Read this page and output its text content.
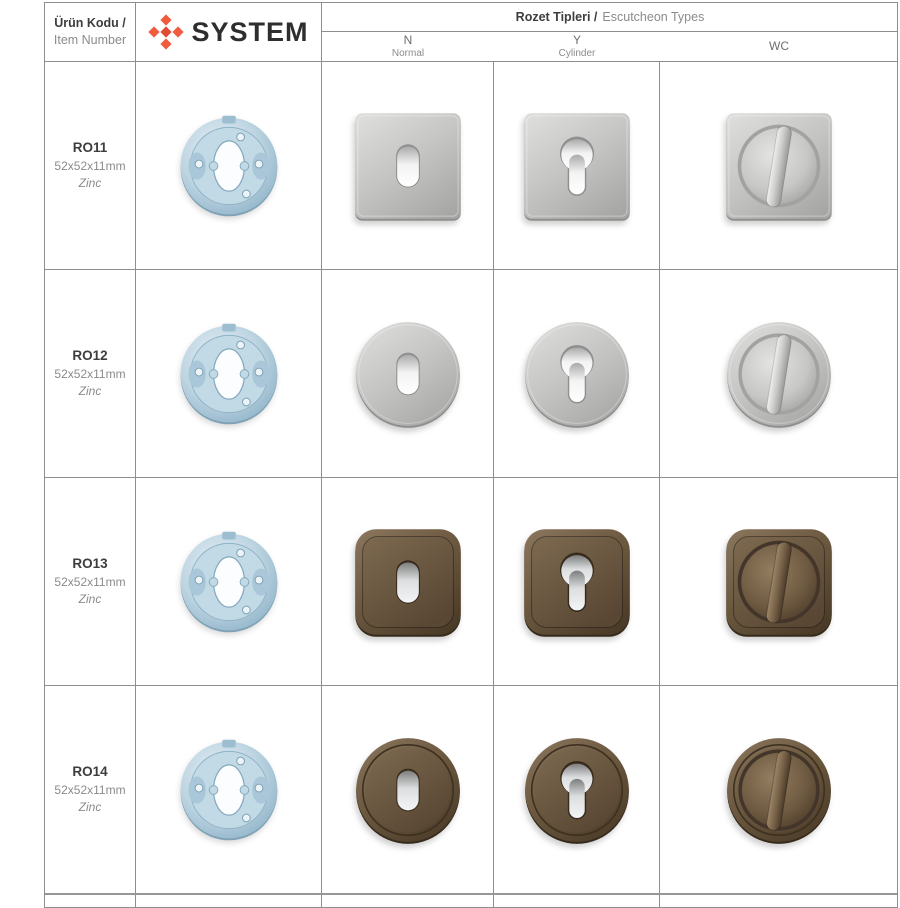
Ürün Kodu /
Item Number SYSTEM	Rozet Tipleri / Escutcheon Types
N
Normal
Y
Cylinder
WC
RO11
52x52x11mm
Zinc
RO12
52x52x11mm
Zinc
RO13
52x52x11mm
Zinc
RO14
52x52x11mm
Zinc
